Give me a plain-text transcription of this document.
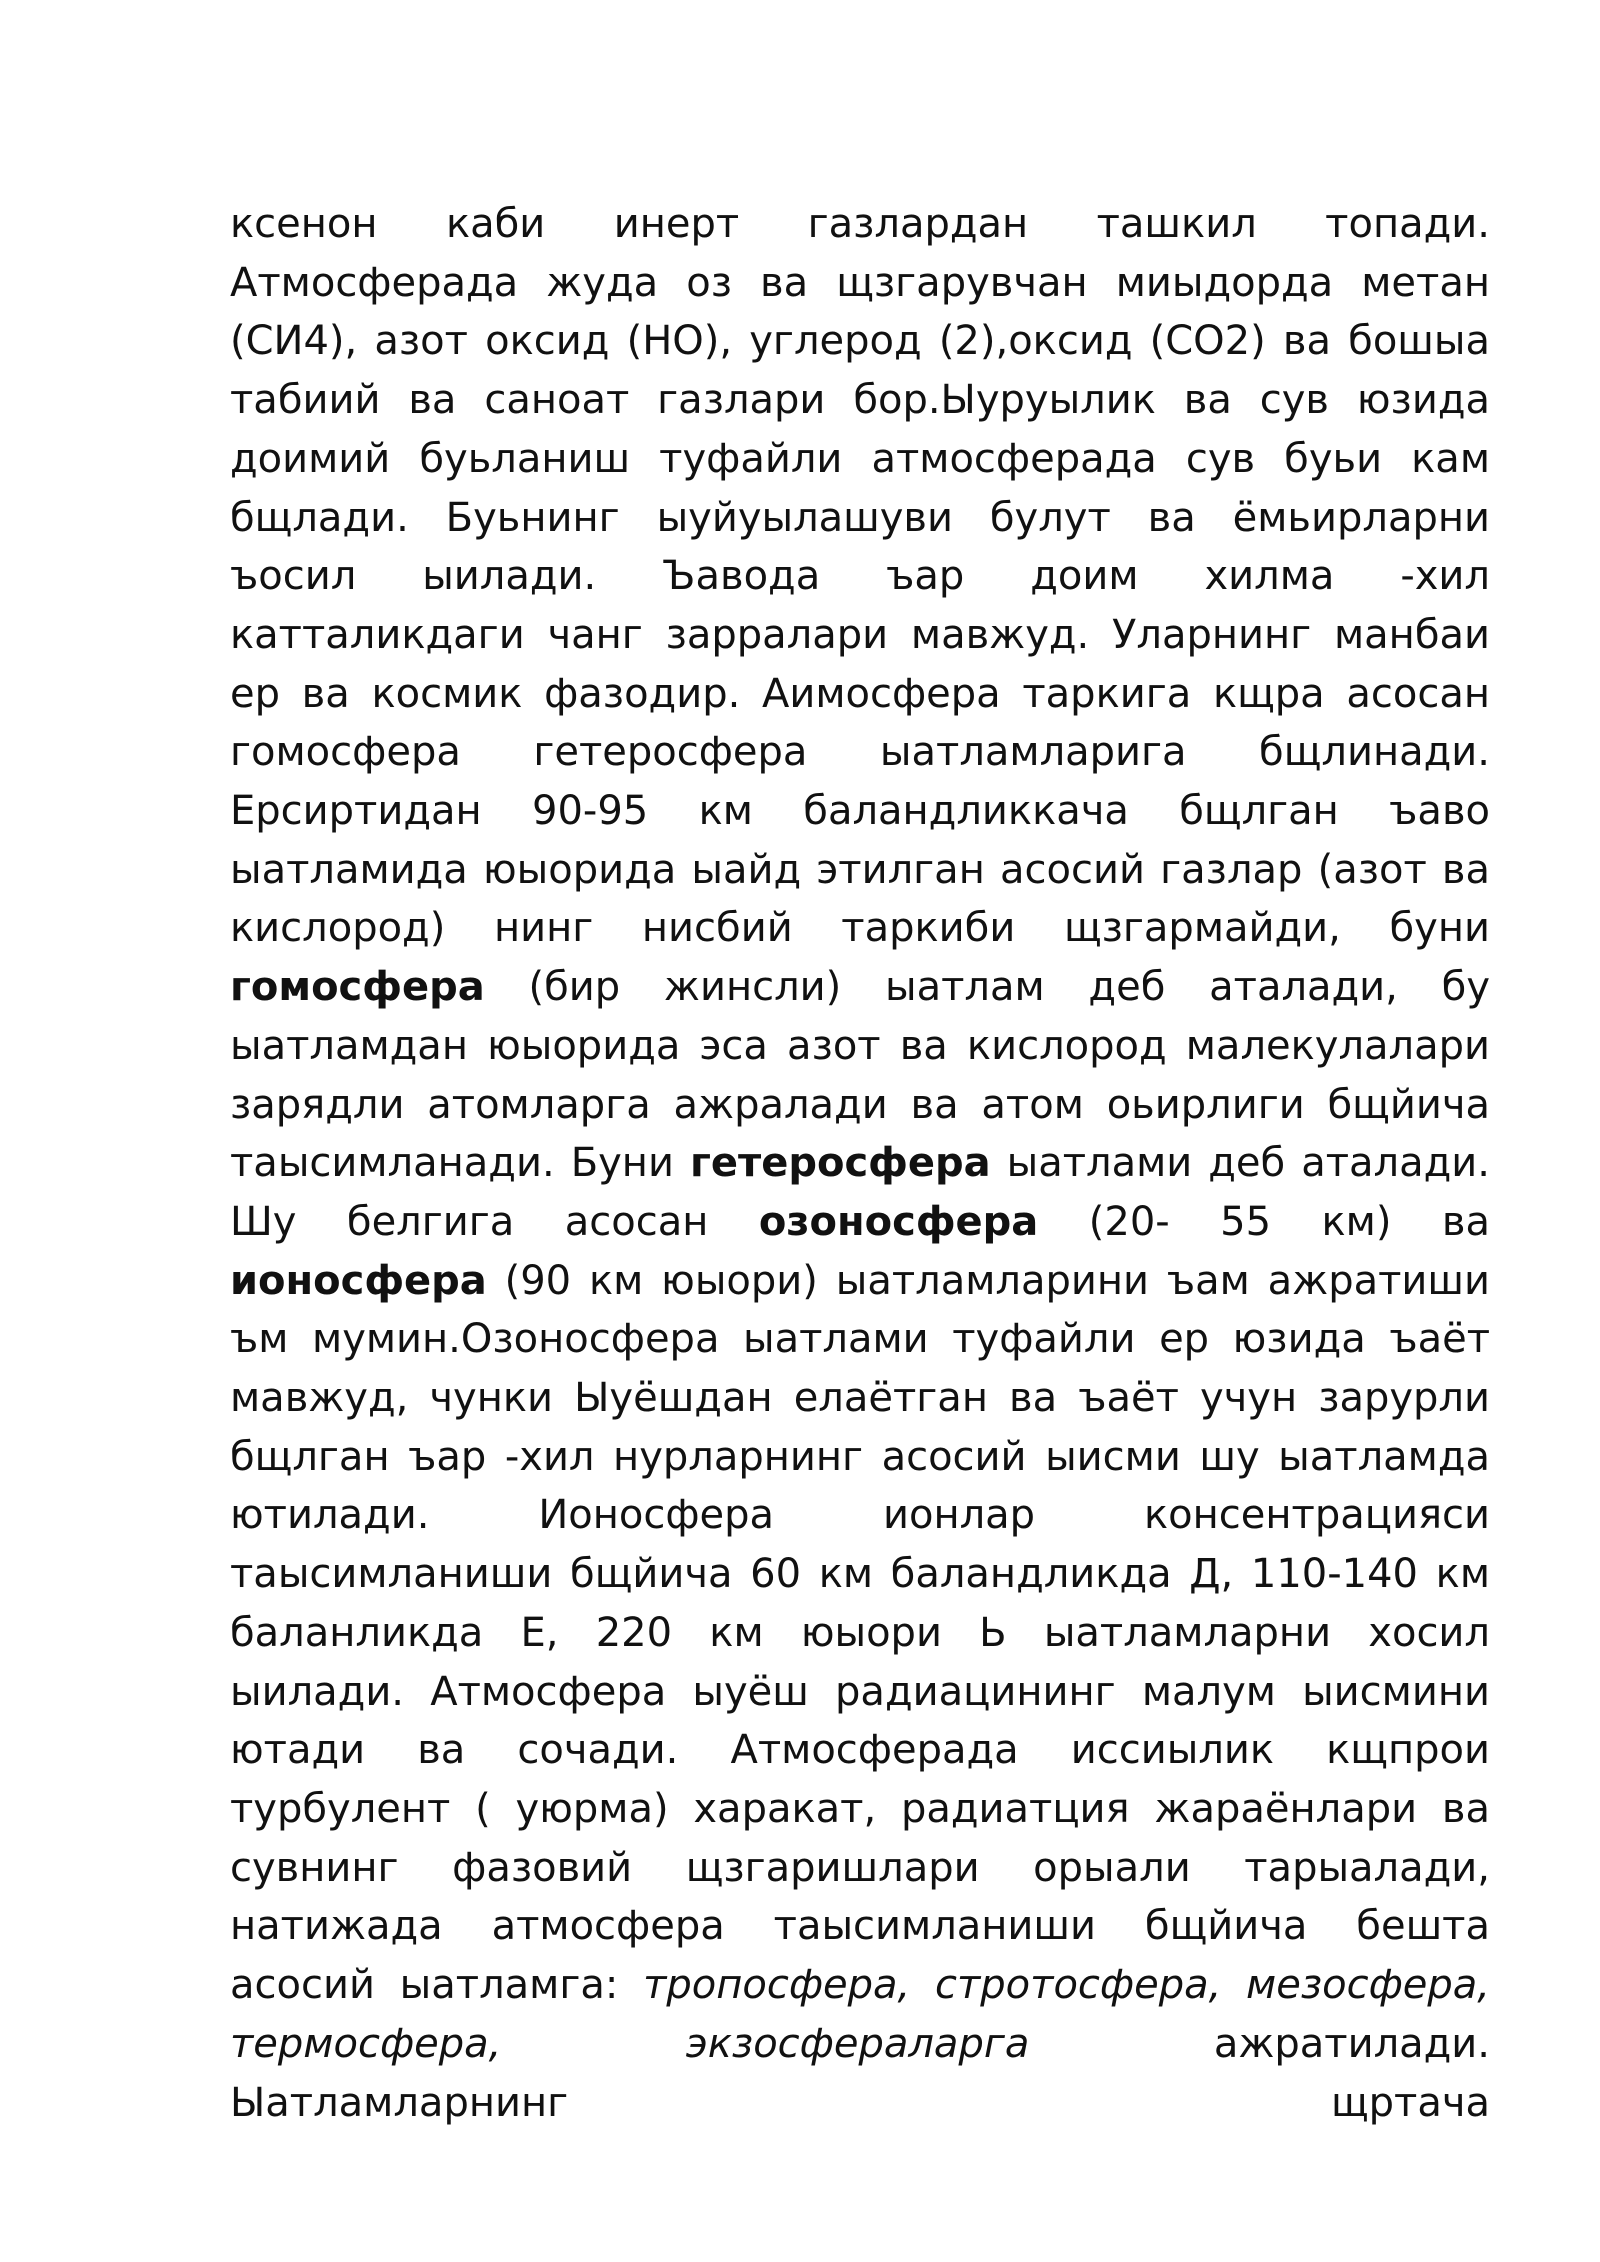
ксенон каби инерт газлардан ташкил топади. Атмосферада жуда оз ва щзгарувчан миыдорда метан (СИ4), азот оксид (НО), углерод (2),оксид (СО2) ва бошыа табиий ва саноат газлари бор.Ыуруылик ва сув юзида доимий буьланиш туфайли атмосферада сув буьи кам бщлади. Буьнинг ыуйуылашуви булут ва ёмьирларни ъосил ыилади. Ъавода ъар доим хилма -хил катталикдаги чанг зарралари мавжуд. Уларнинг манбаи ер ва космик фазодир. Аимосфера таркига кщра асосан гомосфера гетеросфера ыатламларига бщлинади. Ерсиртидан 90-95 км баландликкача бщлган ъаво ыатламида юыорида ыайд этилган асосий газлар (азот ва кислород) нинг нисбий таркиби щзгармайди, буни гомосфера (бир жинсли) ыатлам деб аталади, бу ыатламдан юыорида эса азот ва кислород малекулалари зарядли атомларга ажралади ва атом оьирлиги бщйича таысимланади. Буни гетеросфера ыатлами деб аталади. Шу белгига асосан озоносфера (20- 55 км) ва ионосфера (90 км юыори) ыатламларини ъам ажратиши ъм мумин.Озоносфера ыатлами туфайли ер юзида ъаёт мавжуд, чунки Ыуёшдан елаётган ва ъаёт учун зарурли бщлган ъар -хил нурларнинг асосий ыисми шу ыатламда ютилади. Ионосфера ионлар консентрацияси таысимланиши бщйича 60 км баландликда Д, 110-140 км баланликда Е, 220 км юыори Ь ыатламларни хосил ыилади. Атмосфера ыуёш радиацининг малум ыисмини ютади ва сочади. Атмосферада иссиылик кщпрои турбулент ( уюрма) харакат, радиатция жараёнлари ва сувнинг фазовий щзгаришлари орыали тарыалади, натижада атмосфера таысимланиши бщйича бешта асосий ыатламга: тропосфера, стротосфера, мезосфера, термосфера, экзосфераларга ажратилади. Ыатламларнинг щртача
